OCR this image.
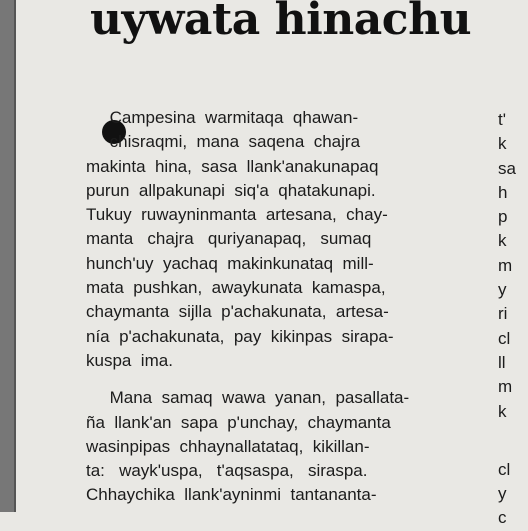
uywata hinachu

Campesina  warmitaqa  qhawan-

chisraqmi,  mana  saqena  chajra

makinta  hina,  sasa  llank'anakunapaq

purun  allpakunapi  siq'a  qhatakunapi.

Tukuy  ruwayninmanta  artesana,  chay-

manta   chajra   quriyanapaq,   sumaq

hunch'uy  yachaq  makinkunataq  mill-

mata  pushkan,  awaykunata  kamaspa,

chaymanta  sijlla  p'achakunata,  artesa-

nía  p'achakunata,  pay  kikinpas  sirapa-

kuspa  ima.

Mana  samaq  wawa  yanan,  pasallata-

ña  llank'an  sapa  p'unchay,  chaymanta

wasinpipas  chhaynallatataq,  kikillan-

ta:   wayk'uspa,   t'aqsaspa,   siraspa.

Chhaychika  llank'ayninmi  tantananta-

t'

k

sa

h

p

k

m

y

ri

cl

ll

m

k

cl

y

c
